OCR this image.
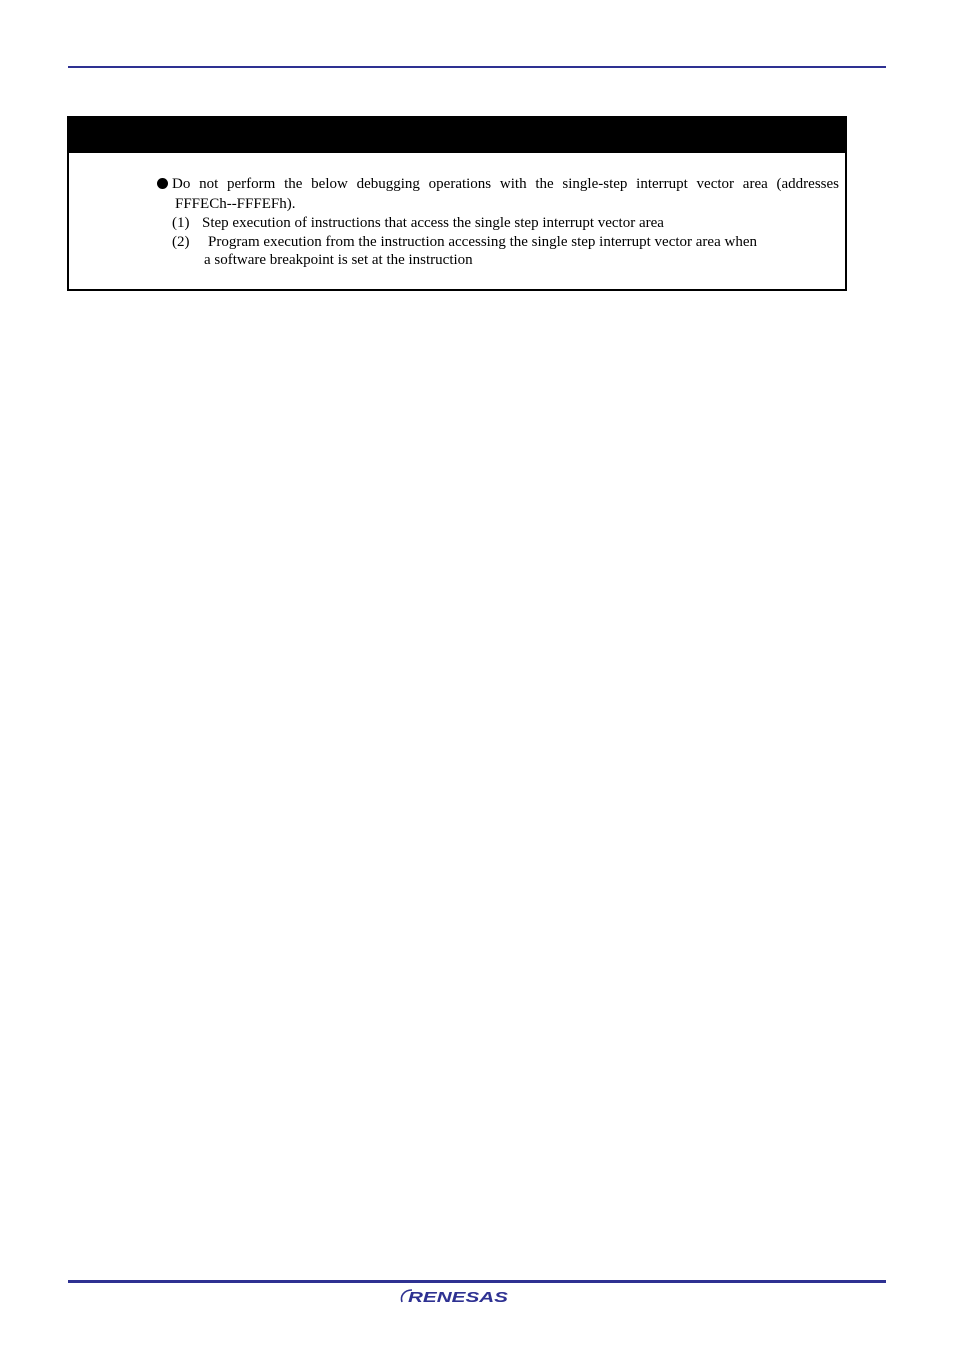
Do not perform the below debugging operations with the single-step interrupt vector area (addresses
FFFECh--FFFEFh).
(1) Step execution of instructions that access the single step interrupt vector area
(2) Program execution from the instruction accessing the single step interrupt vector area when
a software breakpoint is set at the instruction
RENESAS
